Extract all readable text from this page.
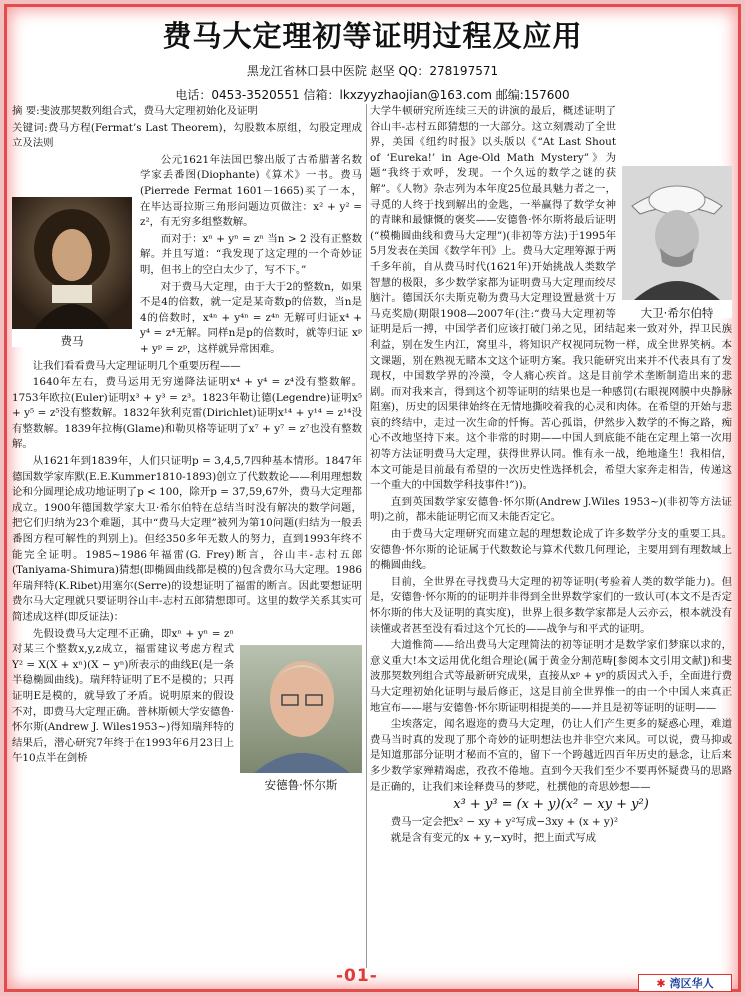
费马大定理初等证明过程及应用
黑龙江省林口县中医院 赵坚 QQ：278197571
电话：0453-3520551 信箱：lkxzyyzhaojian@163.com 邮编:157600

摘 要:斐波那契数列组合式，费马大定理初始化及证明

关键词:费马方程(Fermat’s Last Theorem)，勾股数本原组，勾股定理成立及法则

费马

公元1621年法国巴黎出版了古希腊著名数学家丢番图(Diophante)《算术》一书。费马(Pierrede Fermat 1601－1665)买了一本，在毕达哥拉斯三角形问题边页做注：x² + y² = z²，有无穷多组整数解。

而对于：xⁿ + yⁿ = zⁿ 当n > 2 没有正整数解。并且写道：“我发现了这定理的一个奇妙证明，但书上的空白太少了，写不下。”

对于费马大定理，由于大于2的整数n，如果不是4的倍数，就一定是某奇数p的倍数，当n是4的倍数时，x⁴ⁿ + y⁴ⁿ = z⁴ⁿ 无解可归证x⁴ + y⁴ = z⁴无解。同样n是p的倍数时，就等归证 xᵖ + yᵖ = zᵖ，这样就异常困难。

让我们看看费马大定理证明几个重要历程——

1640年左右，费马运用无穷递降法证明x⁴ + y⁴ = z⁴没有整数解。1753年欧拉(Euler)证明x³ + y³ = z³。1823年勒让德(Legendre)证明x⁵ + y⁵ = z⁵没有整数解。1832年狄利克雷(Dirichlet)证明x¹⁴ + y¹⁴ = z¹⁴没有整数解。1839年拉梅(Glame)和勒贝格等证明了x⁷ + y⁷ = z⁷也没有整数解。

从1621年到1839年，人们只证明p = 3,4,5,7四种基本情形。1847年德国数学家库默(E.E.Kummer1810-1893)创立了代数数论——利用理想数论和分圆理论成功地证明了p < 100，除开p = 37,59,67外，费马大定理都成立。1900年德国数学家大卫·希尔伯特在总结当时没有解决的数学问题，把它们归纳为23个难题，其中“费马大定理”被列为第10问题(归结为一般丢番图方程可解性的判别上)。但经350多年无数人的努力，直到1993年终不能完全证明。1985~1986年福雷(G. Frey)断言，谷山丰-志村五郎(Taniyama-Shimura)猜想(即椭圆曲线都是模的)包含费尔马大定理。1986年瑞拜特(K.Ribet)用塞尔(Serre)的设想证明了福雷的断言。因此要想证明费尔马大定理就只要证明谷山丰-志村五郎猜想即可。这里的数学关系其实可简述成这样(即反证法)：

安德鲁·怀尔斯

先假设费马大定理不正确，即xⁿ + yⁿ = zⁿ对某三个整数x,y,z成立，福雷建议考虑方程式 Y² = X(X + xⁿ)(X − yⁿ)所表示的曲线E(是一条半稳椭圆曲线)。瑞拜特证明了E不是模的；只再证明E是模的，就导致了矛盾。说明原来的假设不对，即费马大定理正确。普林斯顿大学安德鲁·怀尔斯(Andrew J. Wiles1953~)得知瑞拜特的结果后，潜心研究7年终于在1993年6月23日上午10点半在剑桥

大卫·希尔伯特

大学牛顿研究所连续三天的讲演的最后，概述证明了谷山丰-志村五郎猜想的一大部分。这立刻震动了全世界，美国《纽约时报》以头版以《“At Last Shout of ‘Eureka!’ in Age-Old Math Mystery”》为题“我终于欢呼，发现。一个久远的数学之谜的获解”。《人物》杂志列为本年度25位最具魅力者之一，寻觅的人终于找到解出的金匙，一举赢得了数学女神的青睐和最慷慨的褒奖——安德鲁·怀尔斯将最后证明(“模椭圆曲线和费马大定理”)(非初等方法)于1995年5月发表在美国《数学年刊》上。费马大定理筹源于两千多年前，自从费马时代(1621年)开始挑战人类数学智慧的极限，多少数学家都为证明费马大定理而绞尽脑汁。德国沃尔夫斯克勒为费马大定理设置悬赏十万马克奖励(期限1908—2007年(注:“费马大定理初等证明是后一搏，中国学者们应该打破门弟之见，团结起来一致对外，捍卫民族利益，别在发生内江，窝里斗，将知识产权视同玩物一样，成全世界笑柄。本文课题，别在熟视无睹本文这个证明方案。我只能研究出来并不代表具有了发现权，中国数学界的冷漠，令人痛心疾首。这是目前学术垄断制造出来的悲剧。而对我来言，得到这个初等证明的结果也是一种感罚(右眼视网膜中央静脉阻塞)，历史的因果律始终在无情地撕咬着我的心灵和肉体。在希望的开始与悲哀的终结中，走过一次生命的忏悔。苦心孤诣，伊然步入数学的不悔之路，痴心不改地坚持下来。这个非常的时期——中国人到底能不能在定理上第一次用初等方法证明费马大定理，获得世界认同。惟有永一战，绝地逢生！我相信，本文可能是目前最有希望的一次历史性选择机会，希望大家奔走相告，传递这一个重大的中国数学科技事件!”))。

直到英国数学家安德鲁·怀尔斯(Andrew J.Wiles 1953~)(非初等方法证明)之前，都未能证明它而又未能否定它。

由于费马大定理研究而建立起的理想数论成了许多数学分支的重要工具。安德鲁·怀尔斯的论证属于代数数论与算术代数几何理论，主要用到有理数域上的椭圆曲线。

目前，全世界在寻找费马大定理的初等证明(考验着人类的数学能力)。但是，安德鲁·怀尔斯的的证明并非得到全世界数学家们的一致认可(本文不是否定怀尔斯的伟大及证明的真实度)，世界上很多数学家都是人云亦云，根本就没有读懂或者甚至没有看过这个冗长的——战争与和平式的证明。

大道惟简——给出费马大定理简法的初等证明才是数学家们梦寐以求的，意义重大!本文运用优化组合理论(属于黄金分割范畴[参阅本文引用文献])和斐波那契数列组合式等最新研究成果，直接从xᵖ + yᵖ的质因式入手，全面进行费马大定理初始化证明与最后修正，这是目前全世界惟一的由一个中国人来真正地宣布——堪与安德鲁·怀尔斯证明相提美的——并且是初等证明的证明——

尘埃落定，闻名遐迩的费马大定理，仍让人们产生更多的疑惑心理，难道费马当时真的发现了那个奇妙的证明想法也并非空穴来风。可以说，费马抑或是知道那部分证明才秘而不宣的，留下一个跨越近四百年历史的悬念，让后来多少数学家殚精竭虑，孜孜不倦地。直到今天我们至少不要再怀疑费马的思路是正确的，让我们来诠释费马的梦呓，杜撰他的奇思妙想——

x³ + y³ = (x + y)(x² − xy + y²)

费马一定会把x² − xy + y²写成−3xy + (x + y)²

就是含有变元的x + y,−xy时，把上面式写成

-01-	✱ 湾区华人
